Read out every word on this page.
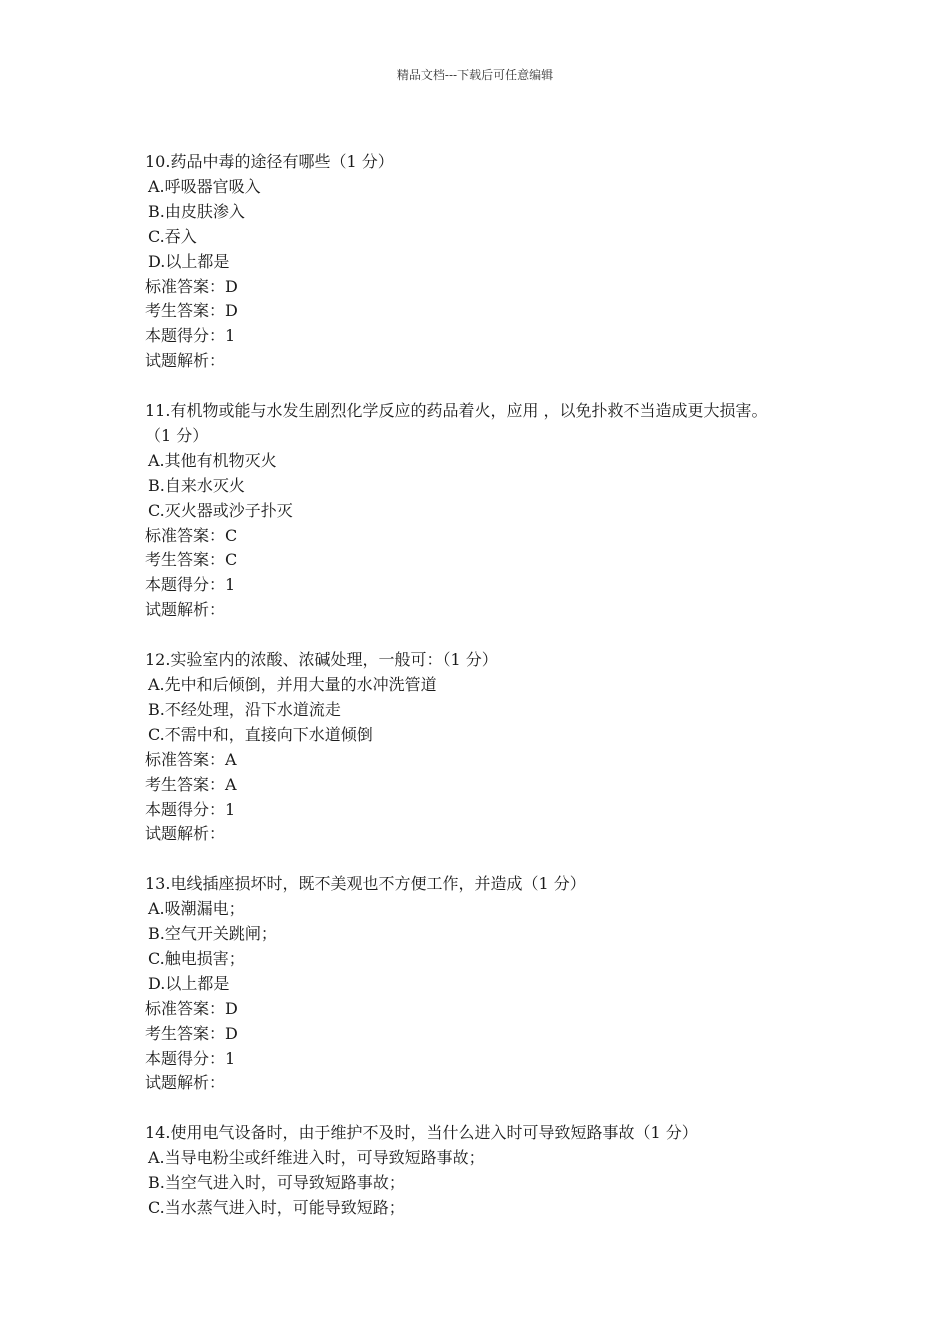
精品文档---下载后可任意编辑
10.药品中毒的途径有哪些（1 分）
A.呼吸器官吸入
B.由皮肤渗入
C.吞入
D.以上都是
标准答案：D
考生答案：D
本题得分：1
试题解析：
11.有机物或能与水发生剧烈化学反应的药品着火，应用 ，以免扑救不当造成更大损害。
（1 分）
A.其他有机物灭火
B.自来水灭火
C.灭火器或沙子扑灭
标准答案：C
考生答案：C
本题得分：1
试题解析：
12.实验室内的浓酸、浓碱处理，一般可：（1 分）
A.先中和后倾倒，并用大量的水冲洗管道
B.不经处理，沿下水道流走
C.不需中和，直接向下水道倾倒
标准答案：A
考生答案：A
本题得分：1
试题解析：
13.电线插座损坏时，既不美观也不方便工作，并造成（1 分）
A.吸潮漏电；
B.空气开关跳闸；
C.触电损害；
D.以上都是
标准答案：D
考生答案：D
本题得分：1
试题解析：
14.使用电气设备时，由于维护不及时，当什么进入时可导致短路事故（1 分）
A.当导电粉尘或纤维进入时，可导致短路事故；
B.当空气进入时，可导致短路事故；
C.当水蒸气进入时，可能导致短路；
